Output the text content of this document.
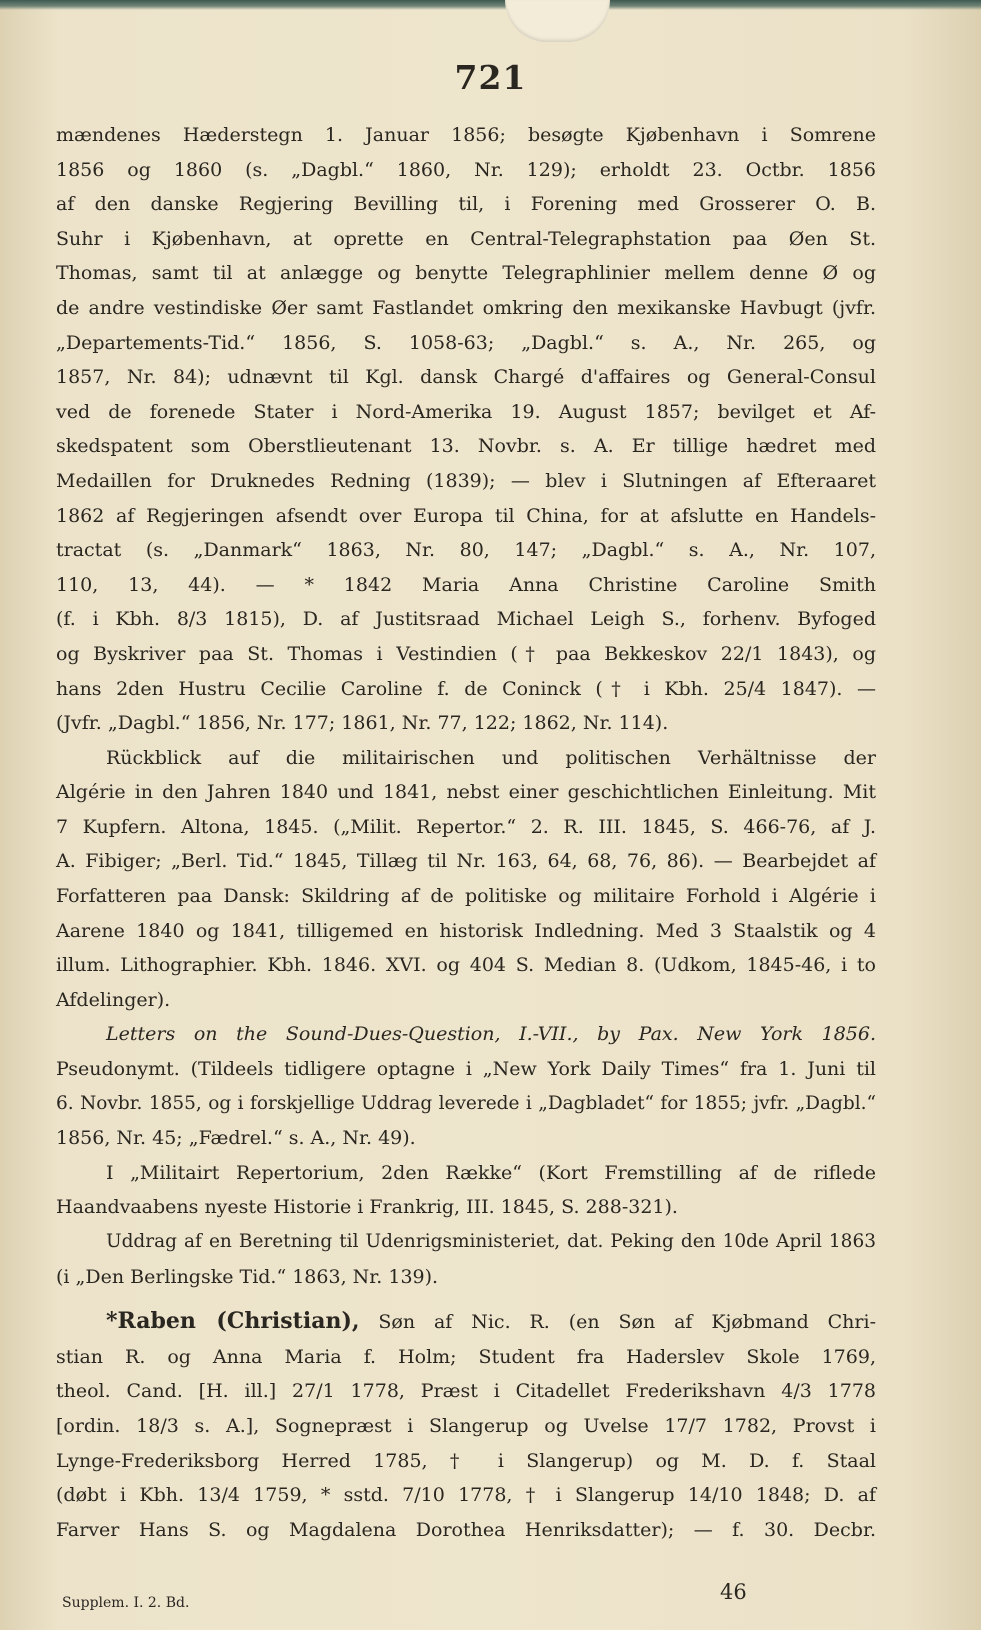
721

mændenes Hæderstegn 1. Januar 1856; besøgte Kjøbenhavn i Somrene
1856 og 1860 (s. „Dagbl.“ 1860, Nr. 129); erholdt 23. Octbr. 1856
af den danske Regjering Bevilling til, i Forening med Grosserer O. B.
Suhr i Kjøbenhavn, at oprette en Central-Telegraphstation paa Øen St.
Thomas, samt til at anlægge og benytte Telegraphlinier mellem denne Ø og
de andre vestindiske Øer samt Fastlandet omkring den mexikanske Havbugt (jvfr.
„Departements-Tid.“ 1856, S. 1058-63; „Dagbl.“ s. A., Nr. 265, og
1857, Nr. 84); udnævnt til Kgl. dansk Chargé d'affaires og General-Consul
ved de forenede Stater i Nord-Amerika 19. August 1857; bevilget et Af-
skedspatent som Oberstlieutenant 13. Novbr. s. A. Er tillige hædret med
Medaillen for Druknedes Redning (1839); — blev i Slutningen af Efteraaret
1862 af Regjeringen afsendt over Europa til China, for at afslutte en Handels-
tractat (s. „Danmark“ 1863, Nr. 80, 147; „Dagbl.“ s. A., Nr. 107,
110, 13, 44). — * 1842 Maria Anna Christine Caroline Smith
(f. i Kbh. 8/3 1815), D. af Justitsraad Michael Leigh S., forhenv. Byfoged
og Byskriver paa St. Thomas i Vestindien († paa Bekkeskov 22/1 1843), og
hans 2den Hustru Cecilie Caroline f. de Coninck († i Kbh. 25/4 1847). —
(Jvfr. „Dagbl.“ 1856, Nr. 177; 1861, Nr. 77, 122; 1862, Nr. 114).

Rückblick auf die militairischen und politischen Verhältnisse der
Algérie in den Jahren 1840 und 1841, nebst einer geschichtlichen Einleitung. Mit
7 Kupfern. Altona, 1845. („Milit. Repertor.“ 2. R. III. 1845, S. 466-76, af J.
A. Fibiger; „Berl. Tid.“ 1845, Tillæg til Nr. 163, 64, 68, 76, 86). — Bearbejdet af
Forfatteren paa Dansk: Skildring af de politiske og militaire Forhold i Algérie i
Aarene 1840 og 1841, tilligemed en historisk Indledning. Med 3 Staalstik og 4
illum. Lithographier. Kbh. 1846. XVI. og 404 S. Median 8. (Udkom, 1845-46, i to
Afdelinger).

Letters on the Sound-Dues-Question, I.-VII., by Pax. New York 1856.
Pseudonymt. (Tildeels tidligere optagne i „New York Daily Times“ fra 1. Juni til
6. Novbr. 1855, og i forskjellige Uddrag leverede i „Dagbladet“ for 1855; jvfr. „Dagbl.“
1856, Nr. 45; „Fædrel.“ s. A., Nr. 49).

I „Militairt Repertorium, 2den Række“ (Kort Fremstilling af de riflede
Haandvaabens nyeste Historie i Frankrig, III. 1845, S. 288-321).

Uddrag af en Beretning til Udenrigsministeriet, dat. Peking den 10de April 1863
(i „Den Berlingske Tid.“ 1863, Nr. 139).

*Raben (Christian), Søn af Nic. R. (en Søn af Kjøbmand Chri-
stian R. og Anna Maria f. Holm; Student fra Haderslev Skole 1769,
theol. Cand. [H. ill.] 27/1 1778, Præst i Citadellet Frederikshavn 4/3 1778
[ordin. 18/3 s. A.], Sognepræst i Slangerup og Uvelse 17/7 1782, Provst i
Lynge-Frederiksborg Herred 1785, † i Slangerup) og M. D. f. Staal
(døbt i Kbh. 13/4 1759, * sstd. 7/10 1778, † i Slangerup 14/10 1848; D. af
Farver Hans S. og Magdalena Dorothea Henriksdatter); — f. 30. Decbr.

Supplem. I. 2. Bd.	46
